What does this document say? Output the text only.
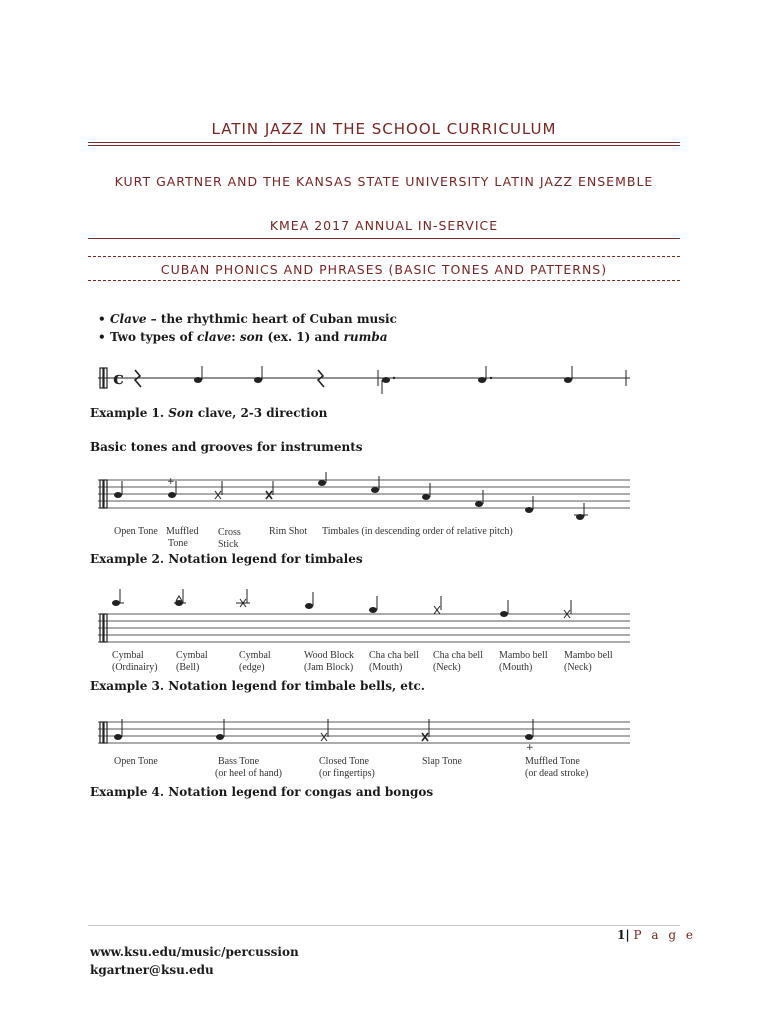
LATIN JAZZ IN THE SCHOOL CURRICULUM
KURT GARTNER AND THE KANSAS STATE UNIVERSITY LATIN JAZZ ENSEMBLE
KMEA 2017 ANNUAL IN-SERVICE
CUBAN PHONICS AND PHRASES (BASIC TONES AND PATTERNS)
• Clave – the rhythmic heart of Cuban music
• Two types of clave: son (ex. 1) and rumba
c
Example 1. Son clave, 2-3 direction
Basic tones and grooves for instruments
+
Open Tone Muffled
Tone
Cross
Stick
Rim Shot Timbales (in descending order of relative pitch)
Example 2. Notation legend for timbales
Cymbal
(Ordinairy)
Cymbal
(Bell)
Cymbal
(edge)
Wood Block
(Jam Block)
Cha cha bell
(Mouth)
Cha cha bell
(Neck)
Mambo bell
(Mouth)
Mambo bell
(Neck)
Example 3. Notation legend for timbale bells, etc.
+
Open Tone	Bass Tone
(or heel of hand)
Closed Tone
(or fingertips)
Slap Tone	Muffled Tone
(or dead stroke)
Example 4. Notation legend for congas and bongos
1| P a g e
www.ksu.edu/music/percussion
kgartner@ksu.edu
